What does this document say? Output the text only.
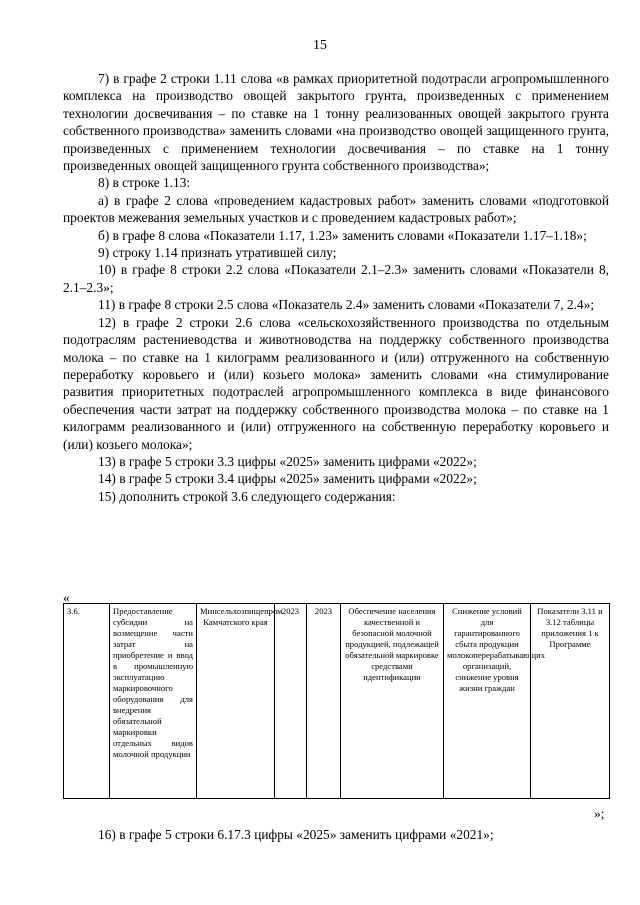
15

7) в графе 2 строки 1.11 слова «в рамках приоритетной подотрасли агропромышленного комплекса на производство овощей закрытого грунта, произведенных с применением технологии досвечивания – по ставке на 1 тонну реализованных овощей закрытого грунта собственного производства» заменить словами «на производство овощей защищенного грунта, произведенных с применением технологии досвечивания – по ставке на 1 тонну произведенных овощей защищенного грунта собственного производства»;

8) в строке 1.13:

а) в графе 2 слова «проведением кадастровых работ» заменить словами «подготовкой проектов межевания земельных участков и с проведением кадастровых работ»;

б) в графе 8 слова «Показатели 1.17, 1.23» заменить словами «Показатели 1.17–1.18»;

9) строку 1.14 признать утратившей силу;

10) в графе 8 строки 2.2 слова «Показатели 2.1–2.3» заменить словами «Показатели 8, 2.1–2.3»;

11) в графе 8 строки 2.5 слова «Показатель 2.4» заменить словами «Показатели 7, 2.4»;

12) в графе 2 строки 2.6 слова «сельскохозяйственного производства по отдельным подотраслям растениеводства и животноводства на поддержку собственного производства молока – по ставке на 1 килограмм реализованного и (или) отгруженного на собственную переработку коровьего и (или) козьего молока» заменить словами «на стимулирование развития приоритетных подотраслей агропромышленного комплекса в виде финансового обеспечения части затрат на поддержку собственного производства молока – по ставке на 1 килограмм реализованного и (или) отгруженного на собственную переработку коровьего и (или) козьего молока»;

13) в графе 5 строки 3.3 цифры «2025» заменить цифрами «2022»;

14) в графе 5 строки 3.4 цифры «2025» заменить цифрами «2022»;

15) дополнить строкой 3.6 следующего содержания:

«
3.6.	Предоставление субсидии на возмещение части затрат на приобретение и ввод в промышленную эксплуатацию маркировочного оборудования для внедрения обязательной маркировки отдельных видов молочной продукции	Минсельхозпищепром Камчатского края	2023	2023	Обеспечение населения качественной и безопасной молочной продукцией, подлежащей обязательной маркировке средствами идентификации	Снижение условий для гарантированного сбыта продукции молокоперерабатывающих организаций, снижение уровня жизни граждан	Показатели 3.11 и 3.12 таблицы приложения 1 к Программе
»;

16) в графе 5 строки 6.17.3 цифры «2025» заменить цифрами «2021»;
